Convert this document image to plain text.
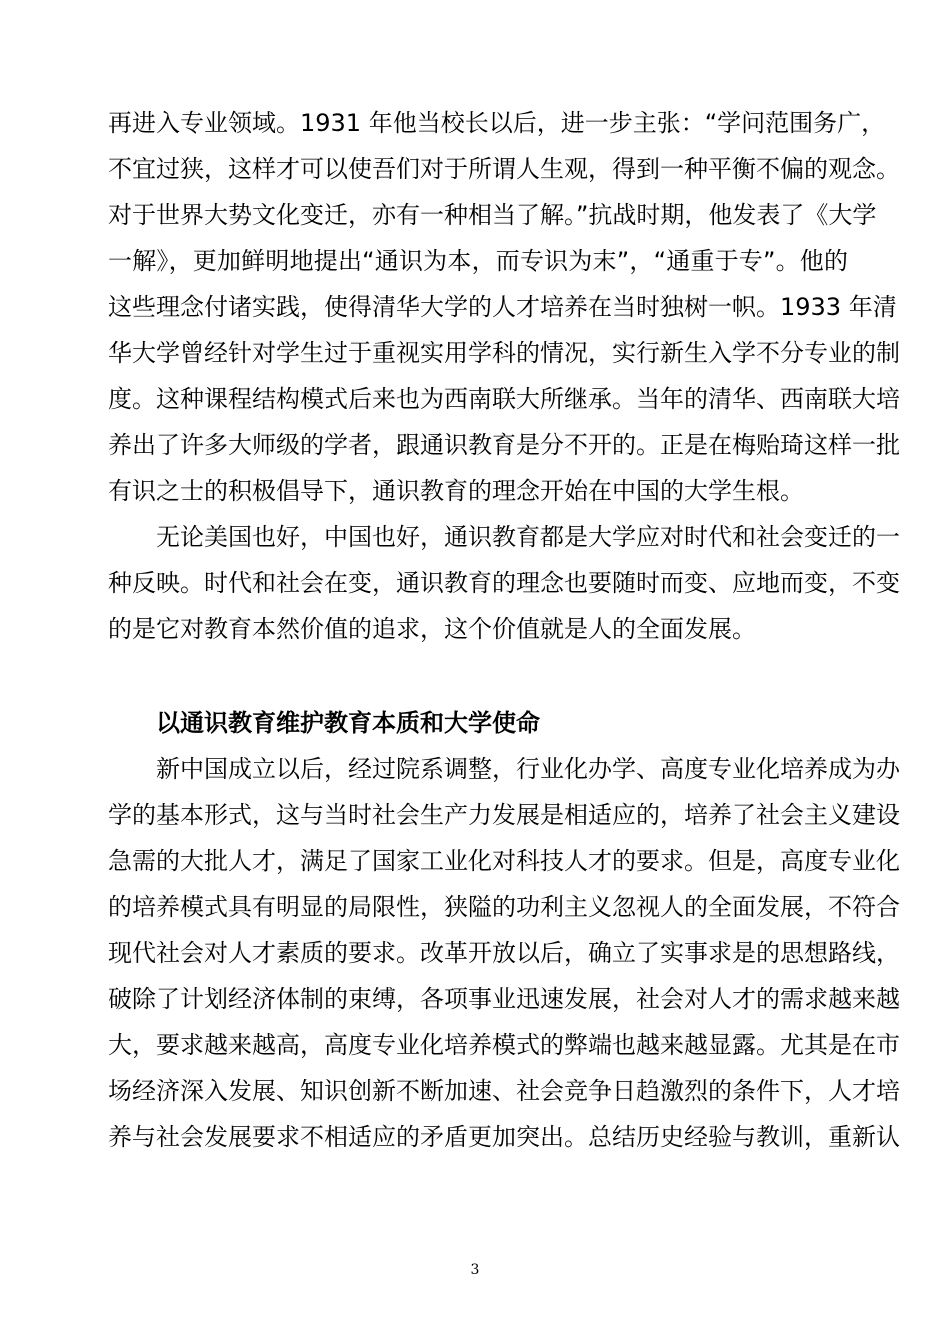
再进入专业领域。1931 年他当校长以后，进一步主张：“学问范围务广，
不宜过狭，这样才可以使吾们对于所谓人生观，得到一种平衡不偏的观念。
对于世界大势文化变迁，亦有一种相当了解。”抗战时期，他发表了《大学
一解》，更加鲜明地提出“通识为本，而专识为末”，“通重于专”。他的
这些理念付诸实践，使得清华大学的人才培养在当时独树一帜。1933 年清
华大学曾经针对学生过于重视实用学科的情况，实行新生入学不分专业的制
度。这种课程结构模式后来也为西南联大所继承。当年的清华、西南联大培
养出了许多大师级的学者，跟通识教育是分不开的。正是在梅贻琦这样一批
有识之士的积极倡导下，通识教育的理念开始在中国的大学生根。
无论美国也好，中国也好，通识教育都是大学应对时代和社会变迁的一
种反映。时代和社会在变，通识教育的理念也要随时而变、应地而变，不变
的是它对教育本然价值的追求，这个价值就是人的全面发展。
以通识教育维护教育本质和大学使命
新中国成立以后，经过院系调整，行业化办学、高度专业化培养成为办
学的基本形式，这与当时社会生产力发展是相适应的，培养了社会主义建设
急需的大批人才，满足了国家工业化对科技人才的要求。但是，高度专业化
的培养模式具有明显的局限性，狭隘的功利主义忽视人的全面发展，不符合
现代社会对人才素质的要求。改革开放以后，确立了实事求是的思想路线，
破除了计划经济体制的束缚，各项事业迅速发展，社会对人才的需求越来越
大，要求越来越高，高度专业化培养模式的弊端也越来越显露。尤其是在市
场经济深入发展、知识创新不断加速、社会竞争日趋激烈的条件下，人才培
养与社会发展要求不相适应的矛盾更加突出。总结历史经验与教训，重新认
3
